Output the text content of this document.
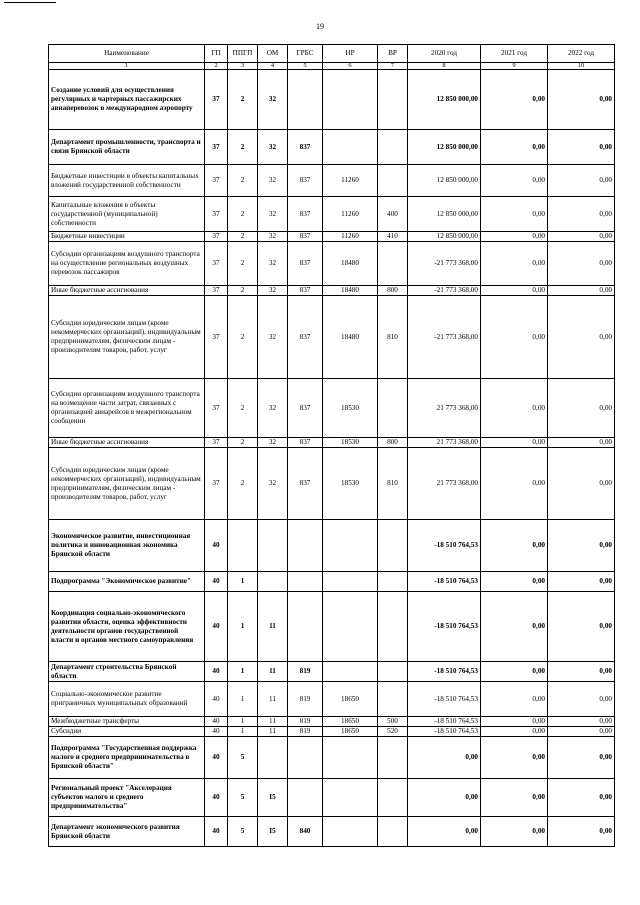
19
Наименование	ГП	ППГП	ОМ	ГРБС	НР	ВР	2020 год	2021 год	2022 год
1	2	3	4	5	6	7	8	9	10
Создание условий для осуществления регулярных и чартерных пассажирских авиаперевозок в международном аэропорту	37	2	32				12 850 000,00	0,00	0,00
Департамент промышленности, транспорта и связи Брянской области	37	2	32	837			12 850 000,00	0,00	0,00
Бюджетные инвестиции в объекты капитальных вложений государственной собственности	37	2	32	837	11260		12 850 000,00	0,00	0,00
Капитальные вложения в объекты государственной (муниципальной) собственности	37	2	32	837	11260	400	12 850 000,00	0,00	0,00
Бюджетные инвестиции	37	2	32	837	11260	410	12 850 000,00	0,00	0,00
Субсидии организациям воздушного транспорта на осуществление региональных воздушных перевозок пассажиров	37	2	32	837	18480		-21 773 368,00	0,00	0,00
Иные бюджетные ассигнования	37	2	32	837	18480	800	-21 773 368,00	0,00	0,00
Субсидии юридическим лицам (кроме некоммерческих организаций), индивидуальным предпринимателям, физическим лицам - производителям товаров, работ, услуг	37	2	32	837	18480	810	-21 773 368,00	0,00	0,00
Субсидии организациям воздушного транспорта на возмещение части затрат, связанных с организацией авиарейсов в межрегиональном сообщении	37	2	32	837	18530		21 773 368,00	0,00	0,00
Иные бюджетные ассигнования	37	2	32	837	18530	800	21 773 368,00	0,00	0,00
Субсидии юридическим лицам (кроме некоммерческих организаций), индивидуальным предпринимателям, физическим лицам - производителям товаров, работ, услуг	37	2	32	837	18530	810	21 773 368,00	0,00	0,00
Экономическое развитие, инвестиционная политика и инновационная экономика Брянской области	40						-18 510 764,53	0,00	0,00
Подпрограмма "Экономическое развитие"	40	1					-18 510 764,53	0,00	0,00
Координация социально-экономического развития области, оценка эффективности деятельности органов государственной власти и органов местного самоуправления	40	1	11				-18 510 764,53	0,00	0,00
Департамент строительства Брянской области	40	1	11	819			-18 510 764,53	0,00	0,00
Социально-экономическое развитие приграничных муниципальных образований	40	1	11	819	18650		-18 510 764,53	0,00	0,00
Межбюджетные трансферты	40	1	11	819	18650	500	-18 510 764,53	0,00	0,00
Субсидии	40	1	11	819	18650	520	-18 510 764,53	0,00	0,00
Подпрограмма "Государственная поддержка малого и среднего предпринимательства в Брянской области"	40	5					0,00	0,00	0,00
Региональный проект "Акселерация субъектов малого и среднего предпринимательства"	40	5	I5				0,00	0,00	0,00
Департамент экономического развития Брянской области	40	5	I5	840			0,00	0,00	0,00
